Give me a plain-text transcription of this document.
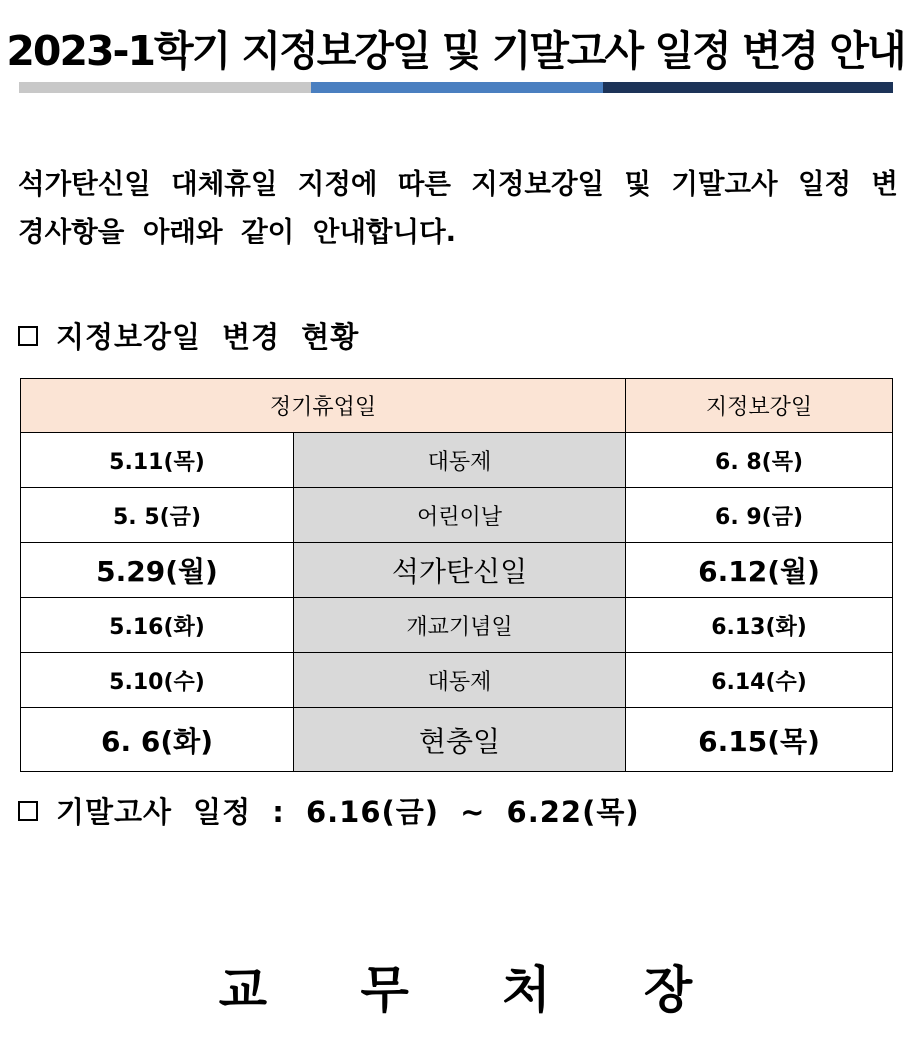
2023-1학기 지정보강일 및 기말고사 일정 변경 안내
석가탄신일 대체휴일 지정에 따른 지정보강일 및 기말고사 일정 변경사항을 아래와 같이 안내합니다.
지정보강일 변경 현황
정기휴업일		지정보강일
5.11(목)	대동제	6. 8(목)
5. 5(금)	어린이날	6. 9(금)
5.29(월)	석가탄신일	6.12(월)
5.16(화)	개교기념일	6.13(화)
5.10(수)	대동제	6.14(수)
6. 6(화)	현충일	6.15(목)
기말고사 일정 : 6.16(금) ~ 6.22(목)
교 무 처 장
